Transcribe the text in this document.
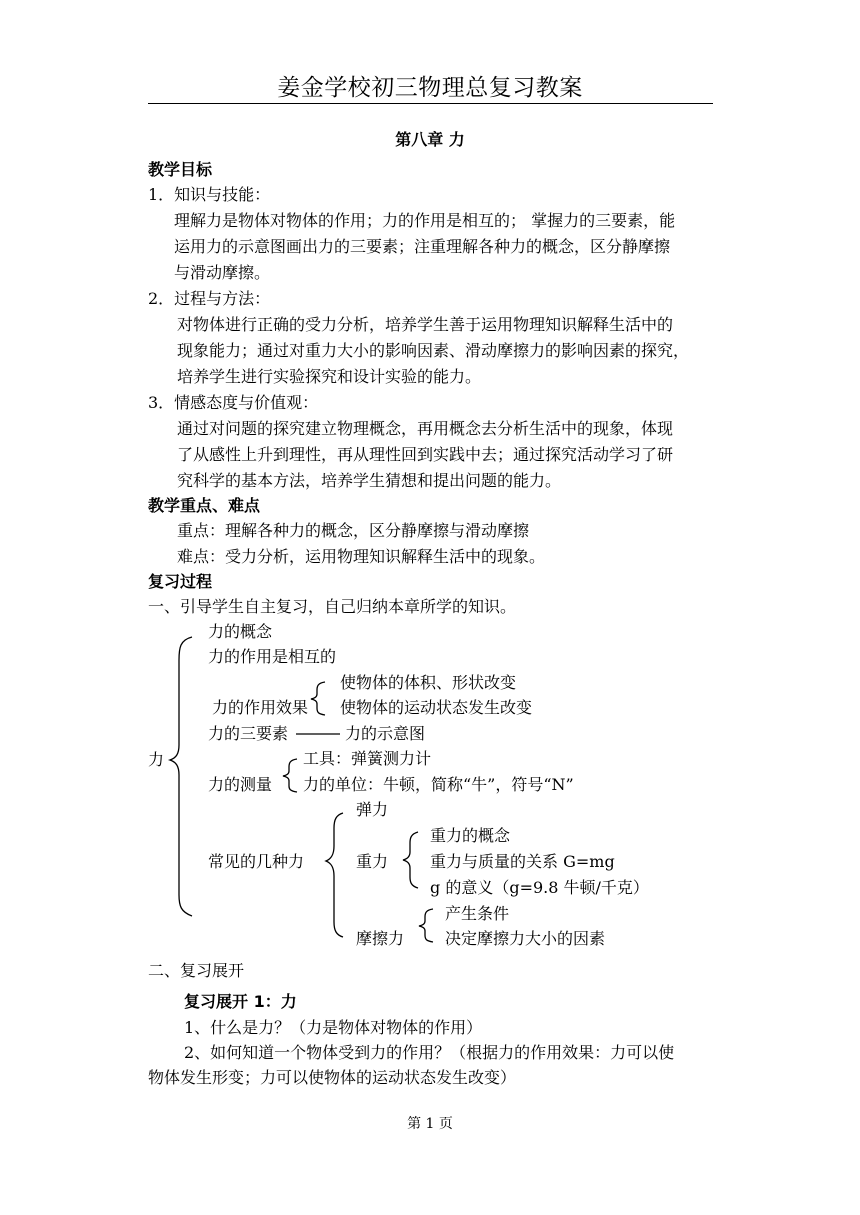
姜金学校初三物理总复习教案
第八章 力
教学目标
1．知识与技能：
理解力是物体对物体的作用；力的作用是相互的； 掌握力的三要素，能
运用力的示意图画出力的三要素；注重理解各种力的概念，区分静摩擦
与滑动摩擦。
2．过程与方法：
对物体进行正确的受力分析，培养学生善于运用物理知识解释生活中的
现象能力；通过对重力大小的影响因素、滑动摩擦力的影响因素的探究，
培养学生进行实验探究和设计实验的能力。
3．情感态度与价值观：
通过对问题的探究建立物理概念，再用概念去分析生活中的现象，体现
了从感性上升到理性，再从理性回到实践中去；通过探究活动学习了研
究科学的基本方法，培养学生猜想和提出问题的能力。
教学重点、难点
重点：理解各种力的概念，区分静摩擦与滑动摩擦
难点：受力分析，运用物理知识解释生活中的现象。
复习过程
一、引导学生自主复习，自己归纳本章所学的知识。
力
力的概念
力的作用是相互的
使物体的体积、形状改变
力的作用效果 使物体的运动状态发生改变
力的三要素	力的示意图
工具：弹簧测力计
力的测量 力的单位：牛顿，简称“牛”，符号“N”
弹力
重力的概念
常见的几种力	重力	重力与质量的关系 G=mg
g 的意义（g=9.8 牛顿/千克）
产生条件
摩擦力	决定摩擦力大小的因素
二、复习展开
复习展开 1：力
1、什么是力？（力是物体对物体的作用）
2、如何知道一个物体受到力的作用？（根据力的作用效果：力可以使
物体发生形变；力可以使物体的运动状态发生改变）
第 1 页
